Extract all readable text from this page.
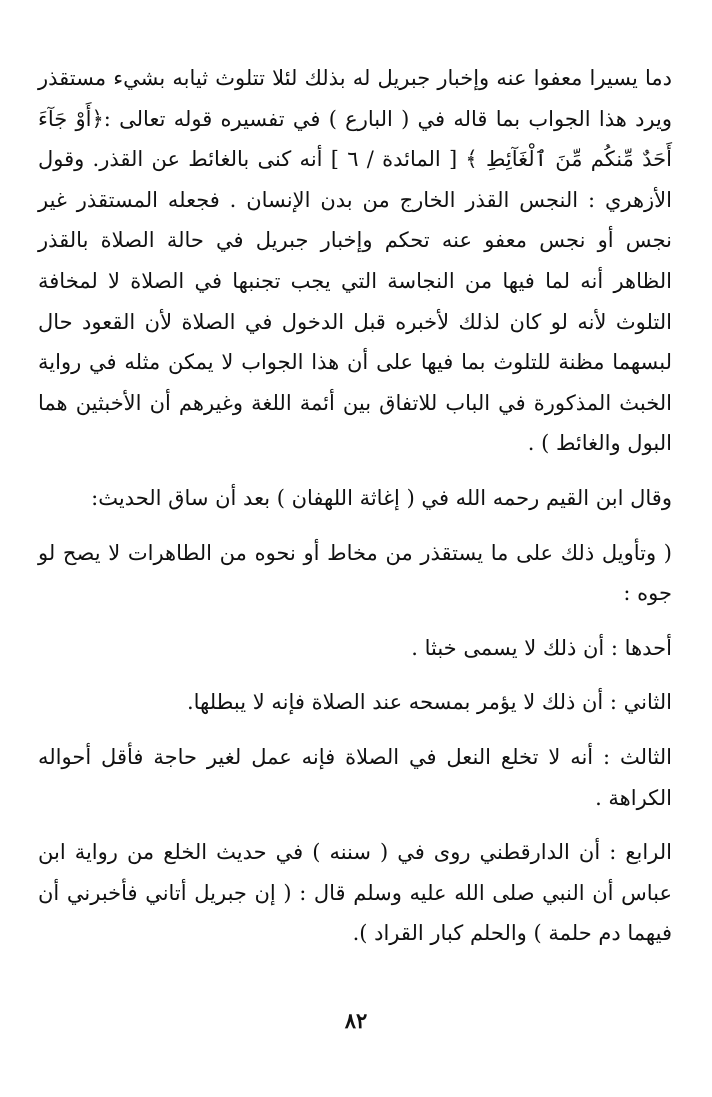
دما يسيرا معفوا عنه وإخبار جبريل له بذلك لئلا تتلوث ثيابه بشيء مستقذر ويرد هذا الجواب بما قاله في ( البارع ) في تفسيره قوله تعالى :﴿أَوْ جَآءَ أَحَدٌ مِّنكُم مِّنَ ٱلْغَآئِطِ ﴾ [ المائدة / ٦ ] أنه كنى بالغائط عن القذر. وقول الأزهري : النجس القذر الخارج من بدن الإنسان . فجعله المستقذر غير نجس أو نجس معفو عنه تحكم وإخبار جبريل في حالة الصلاة بالقذر الظاهر أنه لما فيها من النجاسة التي يجب تجنبها في الصلاة لا لمخافة التلوث لأنه لو كان لذلك لأخبره قبل الدخول في الصلاة لأن القعود حال لبسهما مظنة للتلوث بما فيها على أن هذا الجواب لا يمكن مثله في رواية الخبث المذكورة في الباب للاتفاق بين أئمة اللغة وغيرهم أن الأخبثين هما البول والغائط ) .

وقال ابن القيم رحمه الله في ( إغاثة اللهفان ) بعد أن ساق الحديث:

( وتأويل ذلك على ما يستقذر من مخاط أو نحوه من الطاهرات لا يصح لو جوه :

أحدها : أن ذلك لا يسمى خبثا .

الثاني : أن ذلك لا يؤمر بمسحه عند الصلاة فإنه لا يبطلها.

الثالث : أنه لا تخلع النعل في الصلاة فإنه عمل لغير حاجة فأقل أحواله الكراهة .

الرابع : أن الدارقطني روى في ( سننه ) في حديث الخلع من رواية ابن عباس أن النبي صلى الله عليه وسلم قال : ( إن جبريل أتاني فأخبرني أن فيهما دم حلمة ) والحلم كبار القراد ).

٨٢
